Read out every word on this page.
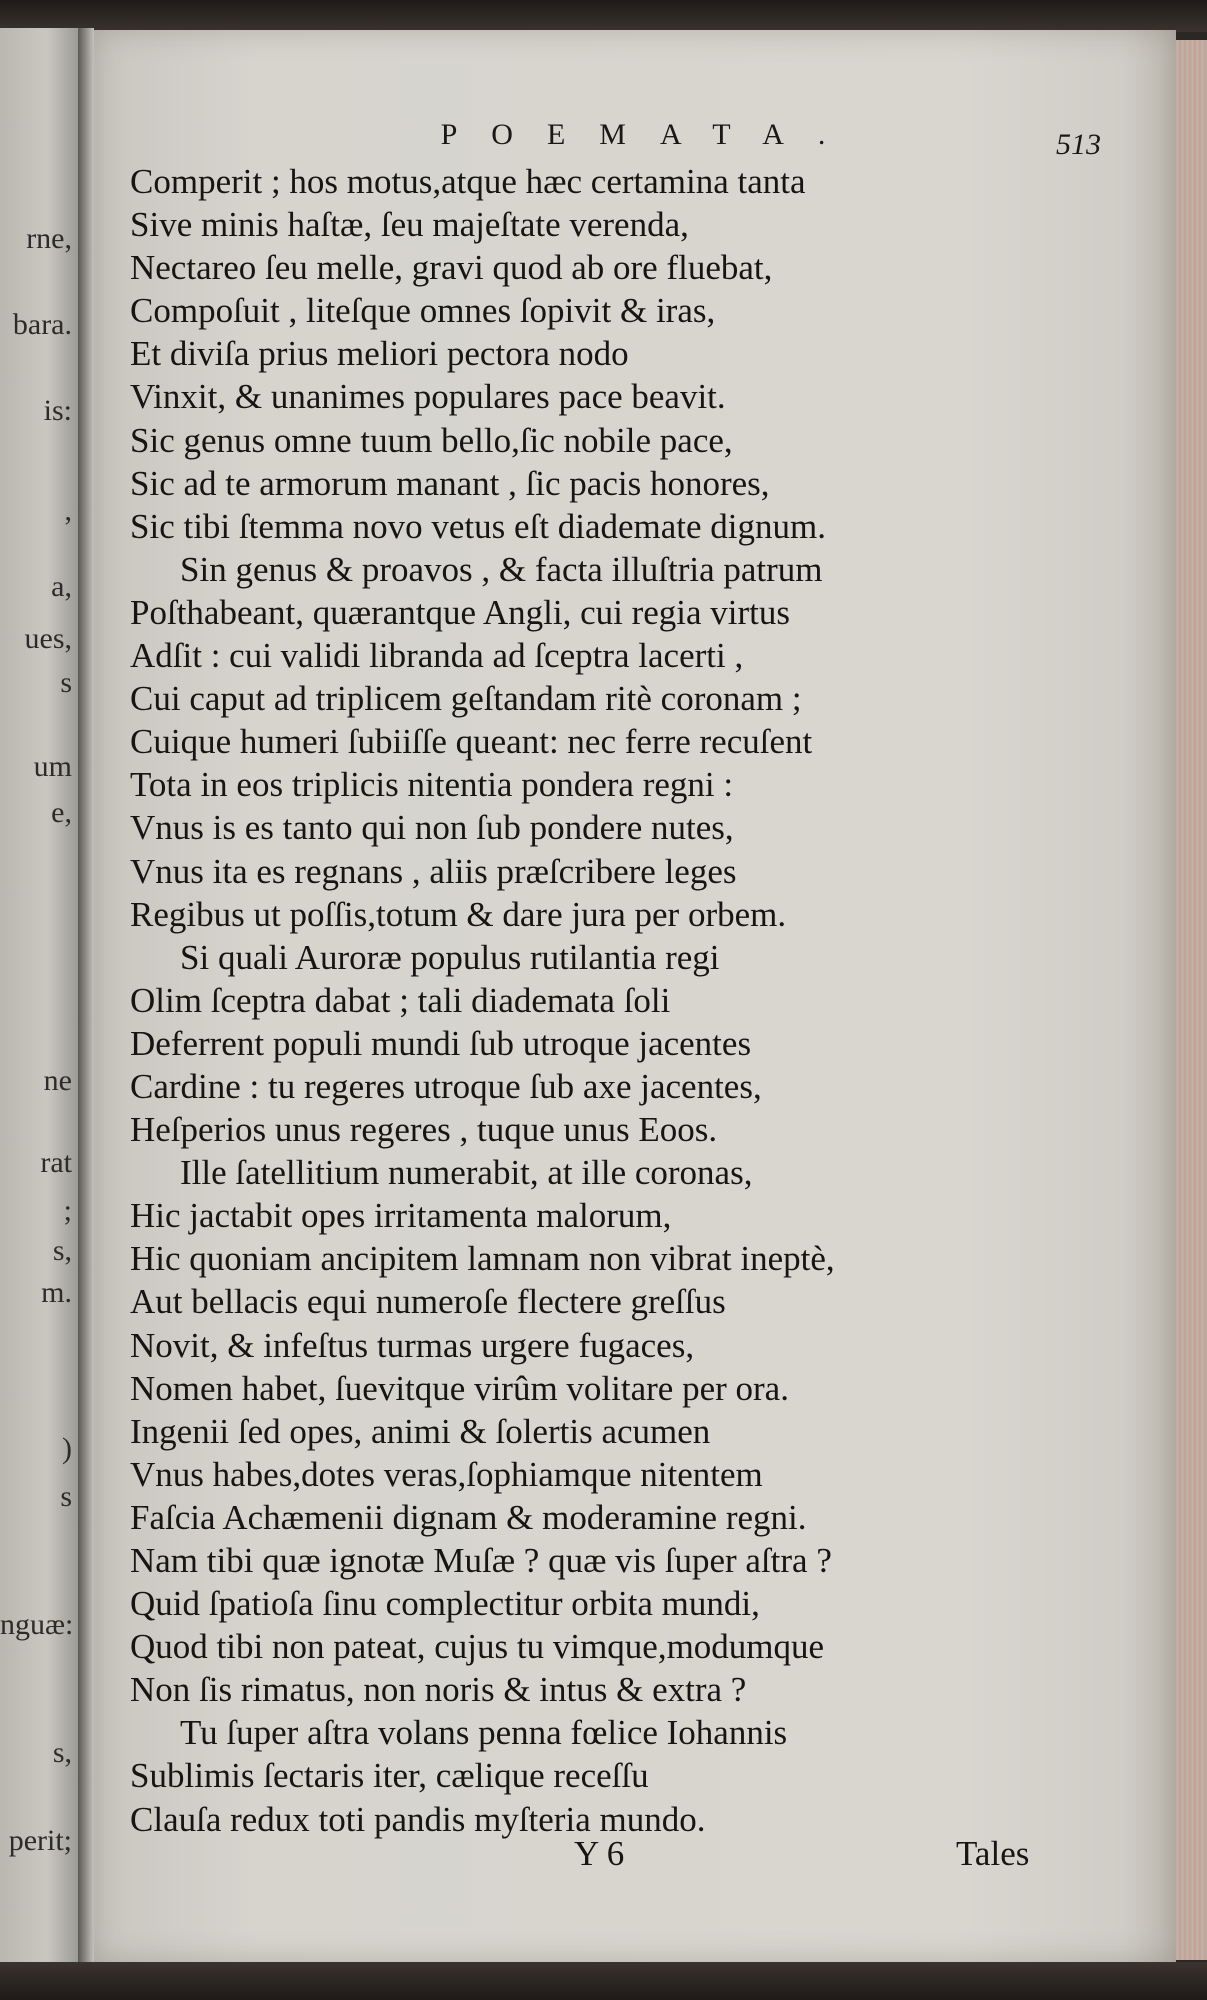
rne,
bara.
is:
,
a,
ues,
s
um
e,
ne
rat
;
s,
m.
)
s
nguæ:
s,
perit;
POEMATA.	513
Comperit ; hos motus,atque hæc certamina tanta
Sive minis haſtæ, ſeu majeſtate verenda,
Nectareo ſeu melle, gravi quod ab ore fluebat,
Compoſuit , liteſque omnes ſopivit & iras,
Et diviſa prius meliori pectora nodo
Vinxit, & unanimes populares pace beavit.
Sic genus omne tuum bello,ſic nobile pace,
Sic ad te armorum manant , ſic pacis honores,
Sic tibi ſtemma novo vetus eſt diademate dignum.
Sin genus & proavos , & facta illuſtria patrum
Poſthabeant, quærantque Angli, cui regia virtus
Adſit : cui validi libranda ad ſceptra lacerti ,
Cui caput ad triplicem geſtandam ritè coronam ;
Cuique humeri ſubiiſſe queant: nec ferre recuſent
Tota in eos triplicis nitentia pondera regni :
Vnus is es tanto qui non ſub pondere nutes,
Vnus ita es regnans , aliis præſcribere leges
Regibus ut poſſis,totum & dare jura per orbem.
Si quali Auroræ populus rutilantia regi
Olim ſceptra dabat ; tali diademata ſoli
Deferrent populi mundi ſub utroque jacentes
Cardine : tu regeres utroque ſub axe jacentes,
Heſperios unus regeres , tuque unus Eoos.
Ille ſatellitium numerabit, at ille coronas,
Hic jactabit opes irritamenta malorum,
Hic quoniam ancipitem lamnam non vibrat ineptè,
Aut bellacis equi numeroſe flectere greſſus
Novit, & infeſtus turmas urgere fugaces,
Nomen habet, ſuevitque virûm volitare per ora.
Ingenii ſed opes, animi & ſolertis acumen
Vnus habes,dotes veras,ſophiamque nitentem
Faſcia Achæmenii dignam & moderamine regni.
Nam tibi quæ ignotæ Muſæ ? quæ vis ſuper aſtra ?
Quid ſpatioſa ſinu complectitur orbita mundi,
Quod tibi non pateat, cujus tu vimque,modumque
Non ſis rimatus, non noris & intus & extra ?
Tu ſuper aſtra volans penna fœlice Iohannis
Sublimis ſectaris iter, cælique receſſu
Clauſa redux toti pandis myſteria mundo.
Y 6	Tales
